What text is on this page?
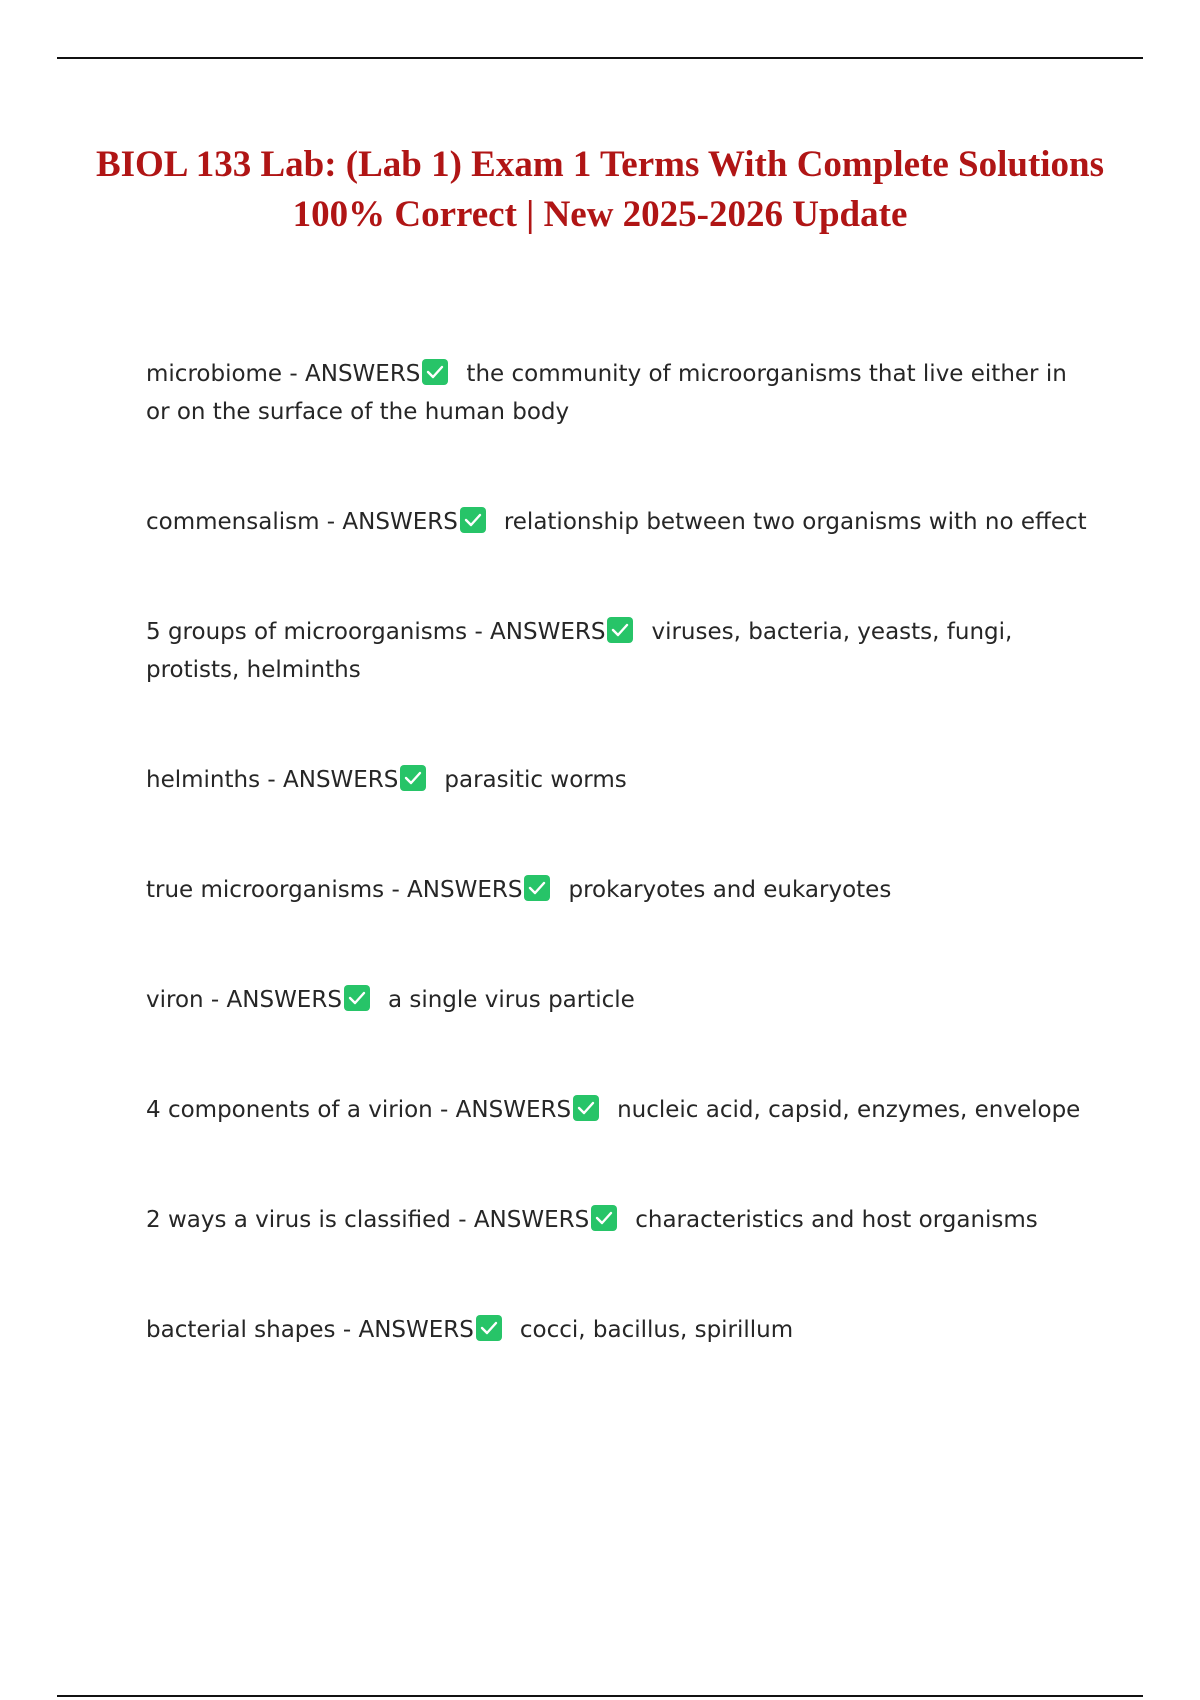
BIOL 133 Lab: (Lab 1) Exam 1 Terms With Complete Solutions 100% Correct | New 2025-2026 Update

microbiome - ANSWERS the community of microorganisms that live either in or on the surface of the human body

commensalism - ANSWERS relationship between two organisms with no effect

5 groups of microorganisms - ANSWERS viruses, bacteria, yeasts, fungi, protists, helminths

helminths - ANSWERS parasitic worms

true microorganisms - ANSWERS prokaryotes and eukaryotes

viron - ANSWERS a single virus particle

4 components of a virion - ANSWERS nucleic acid, capsid, enzymes, envelope

2 ways a virus is classified - ANSWERS characteristics and host organisms

bacterial shapes - ANSWERS cocci, bacillus, spirillum
